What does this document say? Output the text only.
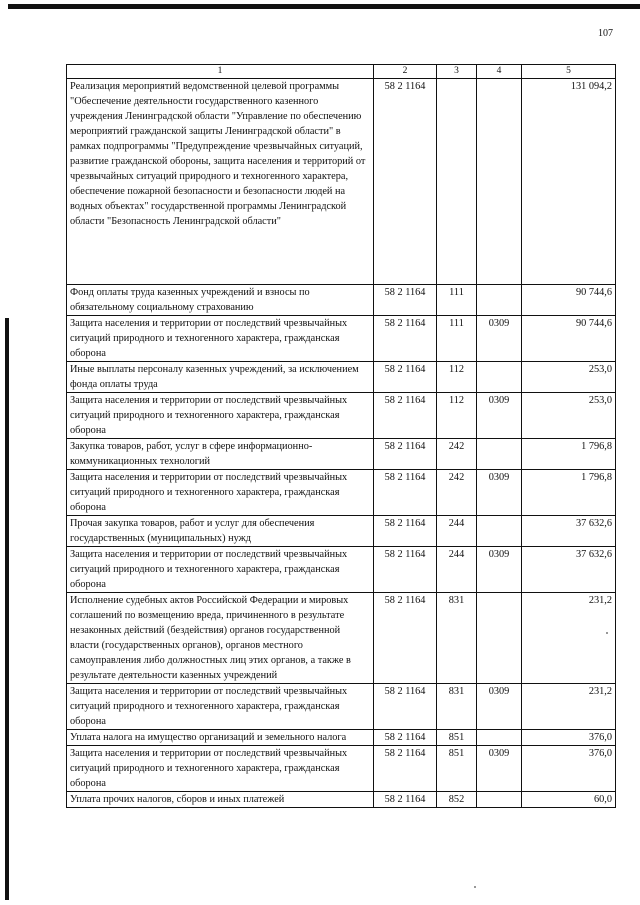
107
1	2	3	4	5
Реализация мероприятий ведомственной целевой программы "Обеспечение деятельности государственного казенного учреждения Ленинградской области "Управление по обеспечению мероприятий гражданской защиты Ленинградской области" в рамках подпрограммы "Предупреждение чрезвычайных ситуаций, развитие гражданской обороны, защита населения и территорий от чрезвычайных ситуаций природного и техногенного характера, обеспечение пожарной безопасности и безопасности людей на водных объектах" государственной программы Ленинградской области "Безопасность Ленинградской области"	58 2 1164			131 094,2
Фонд оплаты труда казенных учреждений и взносы по обязательному социальному страхованию	58 2 1164	111		90 744,6
Защита населения и территории от последствий чрезвычайных ситуаций природного и техногенного характера, гражданская оборона	58 2 1164	111	0309	90 744,6
Иные выплаты персоналу казенных учреждений, за исключением фонда оплаты труда	58 2 1164	112		253,0
Защита населения и территории от последствий чрезвычайных ситуаций природного и техногенного характера, гражданская оборона	58 2 1164	112	0309	253,0
Закупка товаров, работ, услуг в сфере информационно-коммуникационных технологий	58 2 1164	242		1 796,8
Защита населения и территории от последствий чрезвычайных ситуаций природного и техногенного характера, гражданская оборона	58 2 1164	242	0309	1 796,8
Прочая закупка товаров, работ и услуг для обеспечения государственных (муниципальных) нужд	58 2 1164	244		37 632,6
Защита населения и территории от последствий чрезвычайных ситуаций природного и техногенного характера, гражданская оборона	58 2 1164	244	0309	37 632,6
Исполнение судебных актов Российской Федерации и мировых соглашений по возмещению вреда, причиненного в результате незаконных действий (бездействия) органов государственной власти (государственных органов), органов местного самоуправления либо должностных лиц этих органов, а также в результате деятельности казенных учреждений	58 2 1164	831		231,2
Защита населения и территории от последствий чрезвычайных ситуаций природного и техногенного характера, гражданская оборона	58 2 1164	831	0309	231,2
Уплата налога на имущество организаций и земельного налога	58 2 1164	851		376,0
Защита населения и территории от последствий чрезвычайных ситуаций природного и техногенного характера, гражданская оборона	58 2 1164	851	0309	376,0
Уплата прочих налогов, сборов и иных платежей	58 2 1164	852		60,0
